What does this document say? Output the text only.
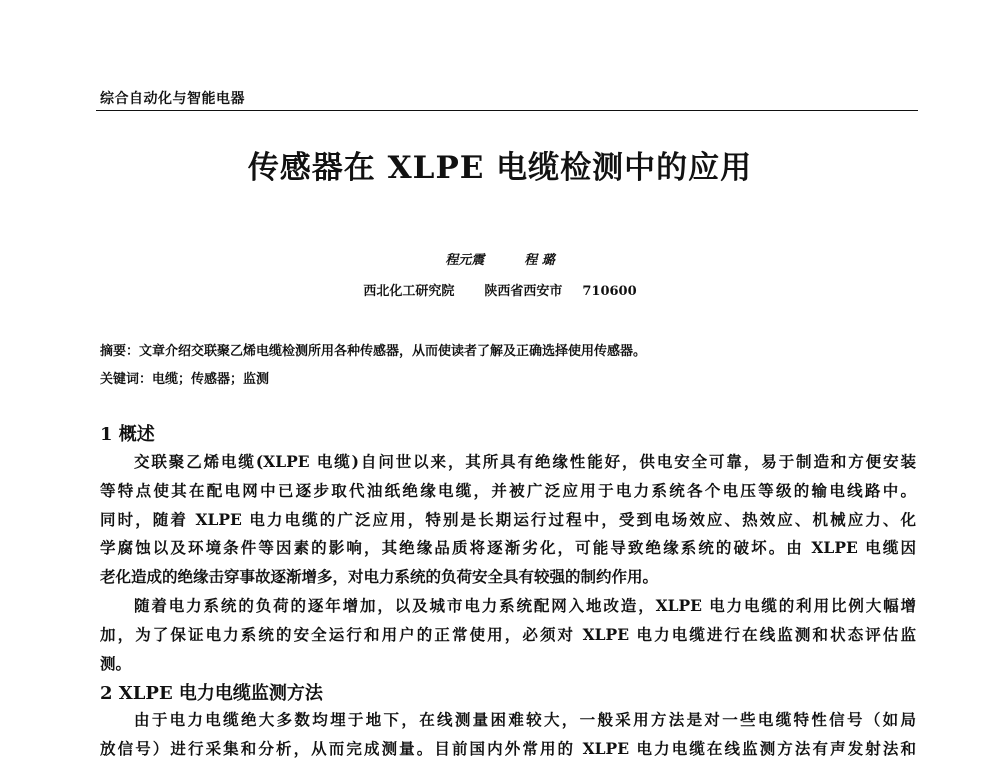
综合自动化与智能电器
传感器在 XLPE 电缆检测中的应用
程元震	程 璐
西北化工研究院 陕西省西安市 710600
摘要：文章介绍交联聚乙烯电缆检测所用各种传感器，从而使读者了解及正确选择使用传感器。
关键词：电缆；传感器；监测
1 概述
交联聚乙烯电缆(XLPE 电缆)自问世以来，其所具有绝缘性能好，供电安全可靠，易于制造和方便安装
等特点使其在配电网中已逐步取代油纸绝缘电缆，并被广泛应用于电力系统各个电压等级的输电线路中。
同时，随着 XLPE 电力电缆的广泛应用，特别是长期运行过程中，受到电场效应、热效应、机械应力、化
学腐蚀以及环境条件等因素的影响，其绝缘品质将逐渐劣化，可能导致绝缘系统的破坏。由 XLPE 电缆因
老化造成的绝缘击穿事故逐渐增多，对电力系统的负荷安全具有较强的制约作用。
随着电力系统的负荷的逐年增加，以及城市电力系统配网入地改造，XLPE 电力电缆的利用比例大幅增
加，为了保证电力系统的安全运行和用户的正常使用，必须对 XLPE 电力电缆进行在线监测和状态评估监
测。
2 XLPE 电力电缆监测方法
由于电力电缆绝大多数均埋于地下，在线测量困难较大，一般采用方法是对一些电缆特性信号（如局
放信号）进行采集和分析，从而完成测量。目前国内外常用的 XLPE 电力电缆在线监测方法有声发射法和
